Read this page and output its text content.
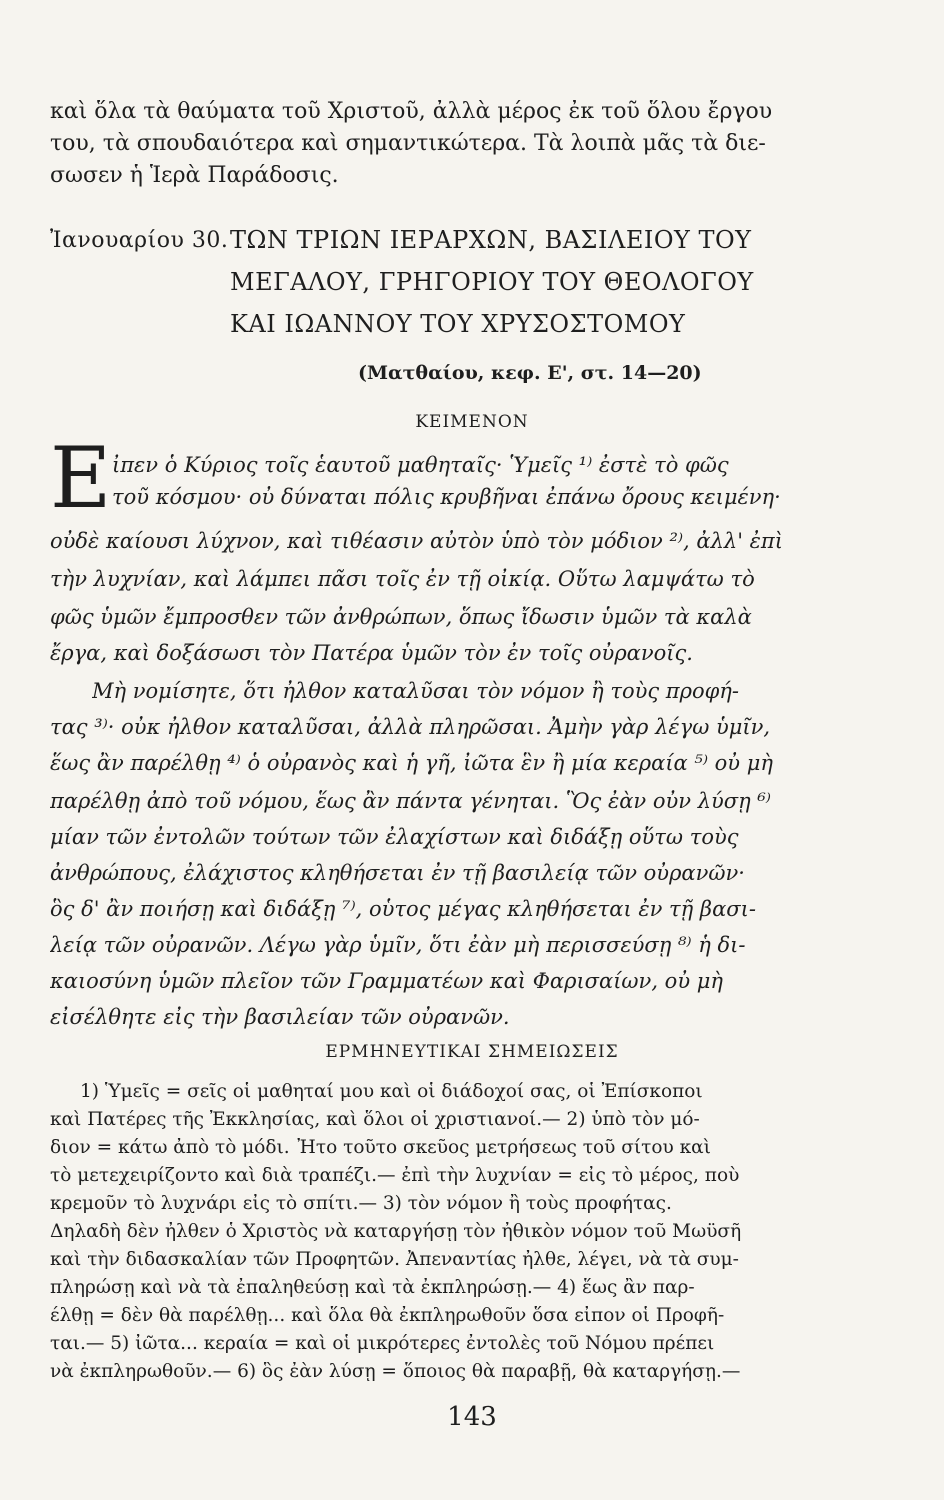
καὶ ὅλα τὰ θαύματα τοῦ Χριστοῦ, ἀλλὰ μέρος ἐκ τοῦ ὅλου ἔργου
του, τὰ σπουδαιότερα καὶ σημαντικώτερα. Τὰ λοιπὰ μᾶς τὰ διε-
σωσεν ἡ Ἱερὰ Παράδοσις.
Ἰανουαρίου 30. ΤΩΝ ΤΡΙΩΝ ΙΕΡΑΡΧΩΝ, ΒΑΣΙΛΕΙΟΥ ΤΟΥ
ΜΕΓΑΛΟΥ, ΓΡΗΓΟΡΙΟΥ ΤΟΥ ΘΕΟΛΟΓΟΥ
ΚΑΙ ΙΩΑΝΝΟΥ ΤΟΥ ΧΡΥΣΟΣΤΟΜΟΥ
(Ματθαίου, κεφ. Ε', στ. 14—20)
ΚΕΙΜΕΝΟΝ
Ε ἶπεν ὁ Κύριος τοῖς ἑαυτοῦ μαθηταῖς· Ὑμεῖς ¹⁾ ἐστὲ τὸ φῶς
τοῦ κόσμου· οὐ δύναται πόλις κρυβῆναι ἐπάνω ὄρους κειμένη·
οὐδὲ καίουσι λύχνον, καὶ τιθέασιν αὐτὸν ὑπὸ τὸν μόδιον ²⁾, ἀλλ' ἐπὶ
τὴν λυχνίαν, καὶ λάμπει πᾶσι τοῖς ἐν τῇ οἰκίᾳ. Οὕτω λαμψάτω τὸ
φῶς ὑμῶν ἔμπροσθεν τῶν ἀνθρώπων, ὅπως ἴδωσιν ὑμῶν τὰ καλὰ
ἔργα, καὶ δοξάσωσι τὸν Πατέρα ὑμῶν τὸν ἐν τοῖς οὐρανοῖς.
Μὴ νομίσητε, ὅτι ἦλθον καταλῦσαι τὸν νόμον ἢ τοὺς προφή-
τας ³⁾· οὐκ ἦλθον καταλῦσαι, ἀλλὰ πληρῶσαι. Ἀμὴν γὰρ λέγω ὑμῖν,
ἕως ἂν παρέλθῃ ⁴⁾ ὁ οὐρανὸς καὶ ἡ γῆ, ἰῶτα ἓν ἢ μία κεραία ⁵⁾ οὐ μὴ
παρέλθῃ ἀπὸ τοῦ νόμου, ἕως ἂν πάντα γένηται. Ὃς ἐὰν οὖν λύσῃ ⁶⁾
μίαν τῶν ἐντολῶν τούτων τῶν ἐλαχίστων καὶ διδάξῃ οὕτω τοὺς
ἀνθρώπους, ἐλάχιστος κληθήσεται ἐν τῇ βασιλείᾳ τῶν οὐρανῶν·
ὃς δ' ἂν ποιήσῃ καὶ διδάξῃ ⁷⁾, οὗτος μέγας κληθήσεται ἐν τῇ βασι-
λείᾳ τῶν οὐρανῶν. Λέγω γὰρ ὑμῖν, ὅτι ἐὰν μὴ περισσεύσῃ ⁸⁾ ἡ δι-
καιοσύνη ὑμῶν πλεῖον τῶν Γραμματέων καὶ Φαρισαίων, οὐ μὴ
εἰσέλθητε εἰς τὴν βασιλείαν τῶν οὐρανῶν.
ΕΡΜΗΝΕΥΤΙΚΑΙ ΣΗΜΕΙΩΣΕΙΣ
1) Ὑμεῖς = σεῖς οἱ μαθηταί μου καὶ οἱ διάδοχοί σας, οἱ Ἐπίσκοποι
καὶ Πατέρες τῆς Ἐκκλησίας, καὶ ὅλοι οἱ χριστιανοί.— 2) ὑπὸ τὸν μό-
διον = κάτω ἀπὸ τὸ μόδι. Ἦτο τοῦτο σκεῦος μετρήσεως τοῦ σίτου καὶ
τὸ μετεχειρίζοντο καὶ διὰ τραπέζι.— ἐπὶ τὴν λυχνίαν = εἰς τὸ μέρος, ποὺ
κρεμοῦν τὸ λυχνάρι εἰς τὸ σπίτι.— 3) τὸν νόμον ἢ τοὺς προφήτας.
Δηλαδὴ δὲν ἦλθεν ὁ Χριστὸς νὰ καταργήσῃ τὸν ἠθικὸν νόμον τοῦ Μωϋσῆ
καὶ τὴν διδασκαλίαν τῶν Προφητῶν. Ἀπεναντίας ἦλθε, λέγει, νὰ τὰ συμ-
πληρώσῃ καὶ νὰ τὰ ἐπαληθεύσῃ καὶ τὰ ἐκπληρώσῃ.— 4) ἕως ἂν παρ-
έλθῃ = δὲν θὰ παρέλθῃ... καὶ ὅλα θὰ ἐκπληρωθοῦν ὅσα εἶπον οἱ Προφῆ-
ται.— 5) ἰῶτα... κεραία = καὶ οἱ μικρότερες ἐντολὲς τοῦ Νόμου πρέπει
νὰ ἐκπληρωθοῦν.— 6) ὃς ἐὰν λύσῃ = ὅποιος θὰ παραβῇ, θὰ καταργήσῃ.—
143
